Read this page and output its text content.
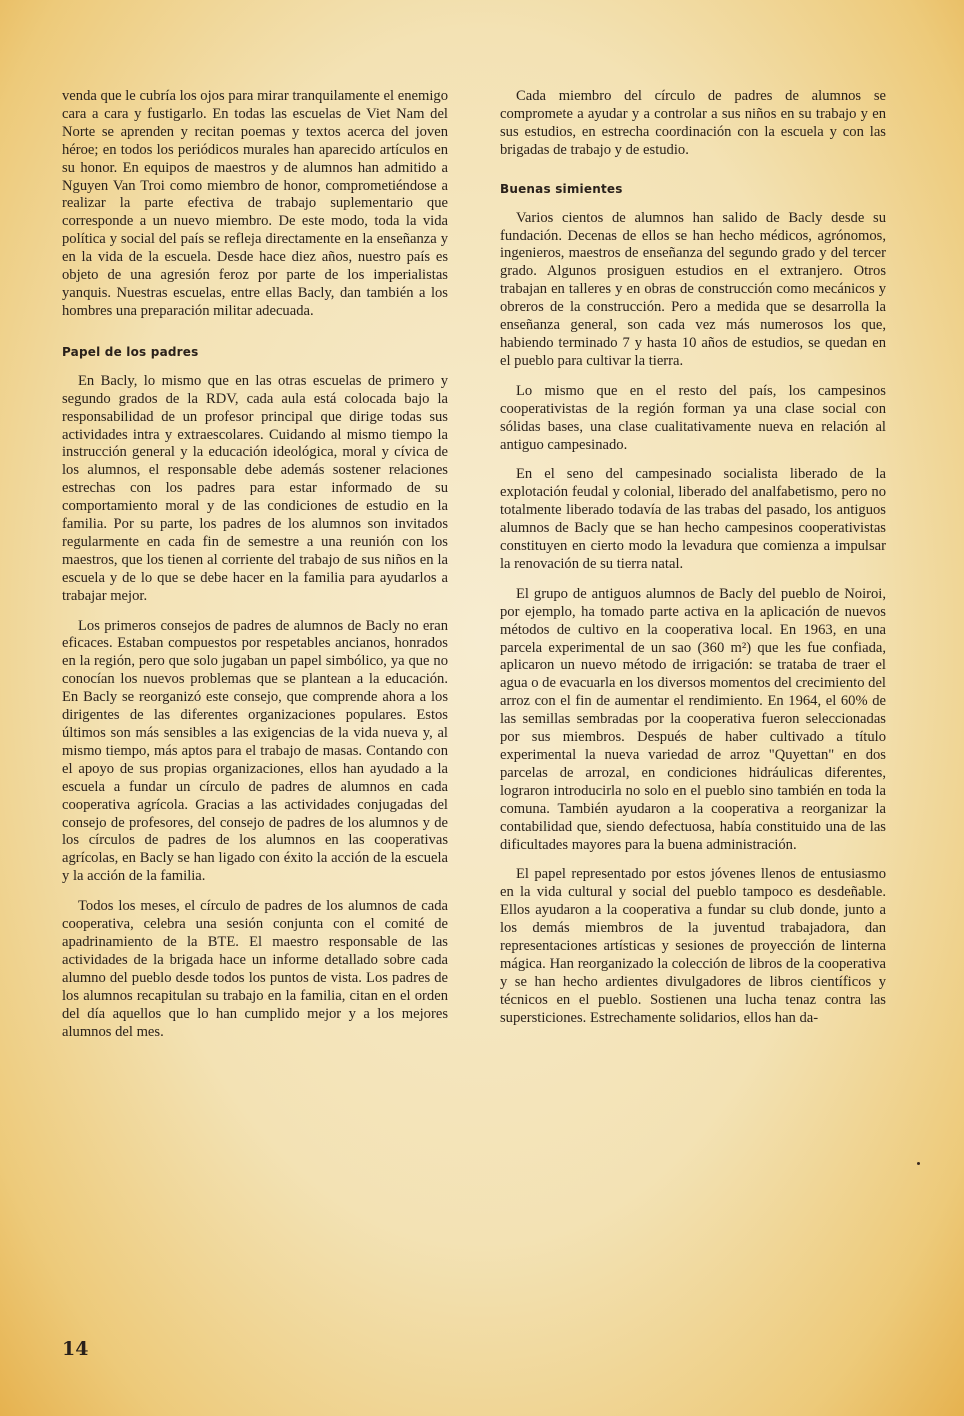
venda que le cubría los ojos para mirar tranquilamente el enemigo cara a cara y fustigarlo. En todas las escuelas de Viet Nam del Norte se aprenden y recitan poemas y textos acerca del joven héroe; en todos los periódicos murales han aparecido artículos en su honor. En equipos de maestros y de alumnos han admitido a Nguyen Van Troi como miembro de honor, comprometiéndose a realizar la parte efectiva de trabajo suplementario que corresponde a un nuevo miembro. De este modo, toda la vida política y social del país se refleja directamente en la enseñanza y en la vida de la escuela. Desde hace diez años, nuestro país es objeto de una agresión feroz por parte de los imperialistas yanquis. Nuestras escuelas, entre ellas Bacly, dan también a los hombres una preparación militar adecuada.

Papel de los padres

En Bacly, lo mismo que en las otras escuelas de primero y segundo grados de la RDV, cada aula está colocada bajo la responsabilidad de un profesor principal que dirige todas sus actividades intra y extraescolares. Cuidando al mismo tiempo la instrucción general y la educación ideológica, moral y cívica de los alumnos, el responsable debe además sostener relaciones estrechas con los padres para estar informado de su comportamiento moral y de las condiciones de estudio en la familia. Por su parte, los padres de los alumnos son invitados regularmente en cada fin de semestre a una reunión con los maestros, que los tienen al corriente del trabajo de sus niños en la escuela y de lo que se debe hacer en la familia para ayudarlos a trabajar mejor.

Los primeros consejos de padres de alumnos de Bacly no eran eficaces. Estaban compuestos por respetables ancianos, honrados en la región, pero que solo jugaban un papel simbólico, ya que no conocían los nuevos problemas que se plantean a la educación. En Bacly se reorganizó este consejo, que comprende ahora a los dirigentes de las diferentes organizaciones populares. Estos últimos son más sensibles a las exigencias de la vida nueva y, al mismo tiempo, más aptos para el trabajo de masas. Contando con el apoyo de sus propias organizaciones, ellos han ayudado a la escuela a fundar un círculo de padres de alumnos en cada cooperativa agrícola. Gracias a las actividades conjugadas del consejo de profesores, del consejo de padres de los alumnos y de los círculos de padres de los alumnos en las cooperativas agrícolas, en Bacly se han ligado con éxito la acción de la escuela y la acción de la familia.

Todos los meses, el círculo de padres de los alumnos de cada cooperativa, celebra una sesión conjunta con el comité de apadrinamiento de la BTE. El maestro responsable de las actividades de la brigada hace un informe detallado sobre cada alumno del pueblo desde todos los puntos de vista. Los padres de los alumnos recapitulan su trabajo en la familia, citan en el orden del día aquellos que lo han cumplido mejor y a los mejores alumnos del mes.

Cada miembro del círculo de padres de alumnos se compromete a ayudar y a controlar a sus niños en su trabajo y en sus estudios, en estrecha coordinación con la escuela y con las brigadas de trabajo y de estudio.

Buenas simientes

Varios cientos de alumnos han salido de Bacly desde su fundación. Decenas de ellos se han hecho médicos, agrónomos, ingenieros, maestros de enseñanza del segundo grado y del tercer grado. Algunos prosiguen estudios en el extranjero. Otros trabajan en talleres y en obras de construcción como mecánicos y obreros de la construcción. Pero a medida que se desarrolla la enseñanza general, son cada vez más numerosos los que, habiendo terminado 7 y hasta 10 años de estudios, se quedan en el pueblo para cultivar la tierra.

Lo mismo que en el resto del país, los campesinos cooperativistas de la región forman ya una clase social con sólidas bases, una clase cualitativamente nueva en relación al antiguo campesinado.

En el seno del campesinado socialista liberado de la explotación feudal y colonial, liberado del analfabetismo, pero no totalmente liberado todavía de las trabas del pasado, los antiguos alumnos de Bacly que se han hecho campesinos cooperativistas constituyen en cierto modo la levadura que comienza a impulsar la renovación de su tierra natal.

El grupo de antiguos alumnos de Bacly del pueblo de Noiroi, por ejemplo, ha tomado parte activa en la aplicación de nuevos métodos de cultivo en la cooperativa local. En 1963, en una parcela experimental de un sao (360 m²) que les fue confiada, aplicaron un nuevo método de irrigación: se trataba de traer el agua o de evacuarla en los diversos momentos del crecimiento del arroz con el fin de aumentar el rendimiento. En 1964, el 60% de las semillas sembradas por la cooperativa fueron seleccionadas por sus miembros. Después de haber cultivado a título experimental la nueva variedad de arroz "Quyettan" en dos parcelas de arrozal, en condiciones hidráulicas diferentes, lograron introducirla no solo en el pueblo sino también en toda la comuna. También ayudaron a la cooperativa a reorganizar la contabilidad que, siendo defectuosa, había constituido una de las dificultades mayores para la buena administración.

El papel representado por estos jóvenes llenos de entusiasmo en la vida cultural y social del pueblo tampoco es desdeñable. Ellos ayudaron a la cooperativa a fundar su club donde, junto a los demás miembros de la juventud trabajadora, dan representaciones artísticas y sesiones de proyección de linterna mágica. Han reorganizado la colección de libros de la cooperativa y se han hecho ardientes divulgadores de libros científicos y técnicos en el pueblo. Sostienen una lucha tenaz contra las supersticiones. Estrechamente solidarios, ellos han da-

14
